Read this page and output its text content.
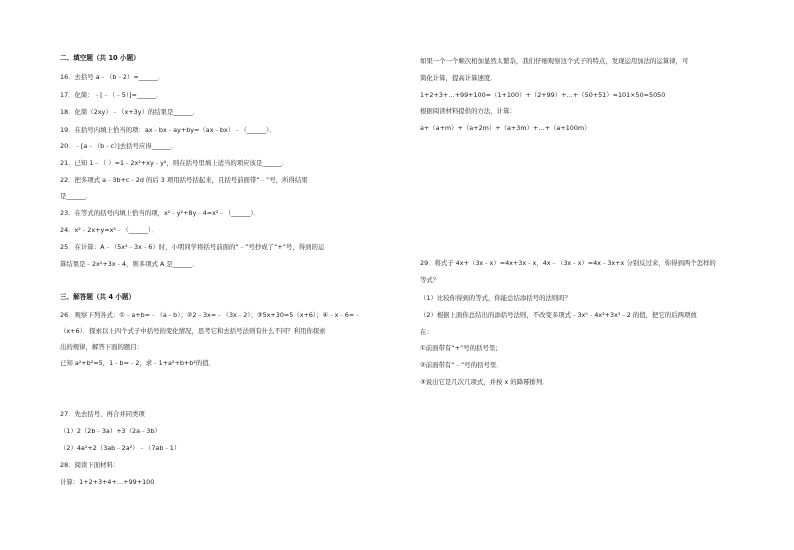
二、填空题（共 10 小题）
16．去括号 a﹣（b﹣2）=______．
17．化简：﹣[﹣（﹣5）]=______．
18．化简（2xy）﹣（x+3y）的结果是______．
19．在括号内填上恰当的项：ax﹣bx﹣ay+by=（ax﹣bx）﹣（______）．
20．﹣[a﹣（b﹣c）]去括号应得______．
21．已知 1﹣（ ）=1﹣2x²+xy﹣y²，则在括号里填上适当的项应该是______．
22．把多项式 a﹣3b+c﹣2d 的后 3 项用括号括起来，且括号前面带“﹣”号，所得结果
是______．
23．在等式的括号内填上恰当的项，x²﹣y²+8y﹣4=x²﹣（______）．
24．x²﹣2x+y=x²﹣（______）．
25．在计算：A﹣（5x²﹣3x﹣6）时，小明同学将括号前面的“﹣”号抄成了“+”号，得到的运
算结果是﹣2x²+3x﹣4，则多项式 A 是______．
三、解答题（共 4 小题）
26．观察下列各式：①﹣a+b=﹣（a﹣b）；②2﹣3x=﹣（3x﹣2）；③5x+30=5（x+6）；④﹣x﹣6=﹣
（x+6）．探索以上四个式子中括号的变化情况，思考它和去括号法则有什么不同？利用你探索
出的规律，解答下面的题目：
已知 a²+b²=5，1﹣b=﹣2，求﹣1+a²+b+b²的值．
27．先去括号，再合并同类项
（1）2（2b﹣3a）+3（2a﹣3b）
（2）4a²+2（3ab﹣2a²）﹣（7ab﹣1）
28．阅读下面材料：
计算：1+2+3+4+…+99+100
如果一个一个顺次相加显然太繁杂，我们仔细观察这个式子的特点，发现运用加法的运算律，可
简化计算，提高计算速度．
1+2+3+…+99+100=（1+100）+（2+99）+…+（50+51）=101×50=5050
根据阅读材料提供的方法，计算：
a+（a+m）+（a+2m）+（a+3m）+…+（a+100m）
29．将式子 4x+（3x﹣x）=4x+3x﹣x，4x﹣（3x﹣x）=4x﹣3x+x 分别反过来，你得到两个怎样的
等式？
（1）比较你得到的等式，你能总结添括号的法则吗？
（2）根据上面你总结出的添括号法则，不改变多项式﹣3x⁵﹣4x²+3x³﹣2 的值，把它的后两项放
在：
①前面带有“+”号的括号里；
②前面带有“﹣”号的括号里．
③说出它是几次几项式，并按 x 的降幂排列．
